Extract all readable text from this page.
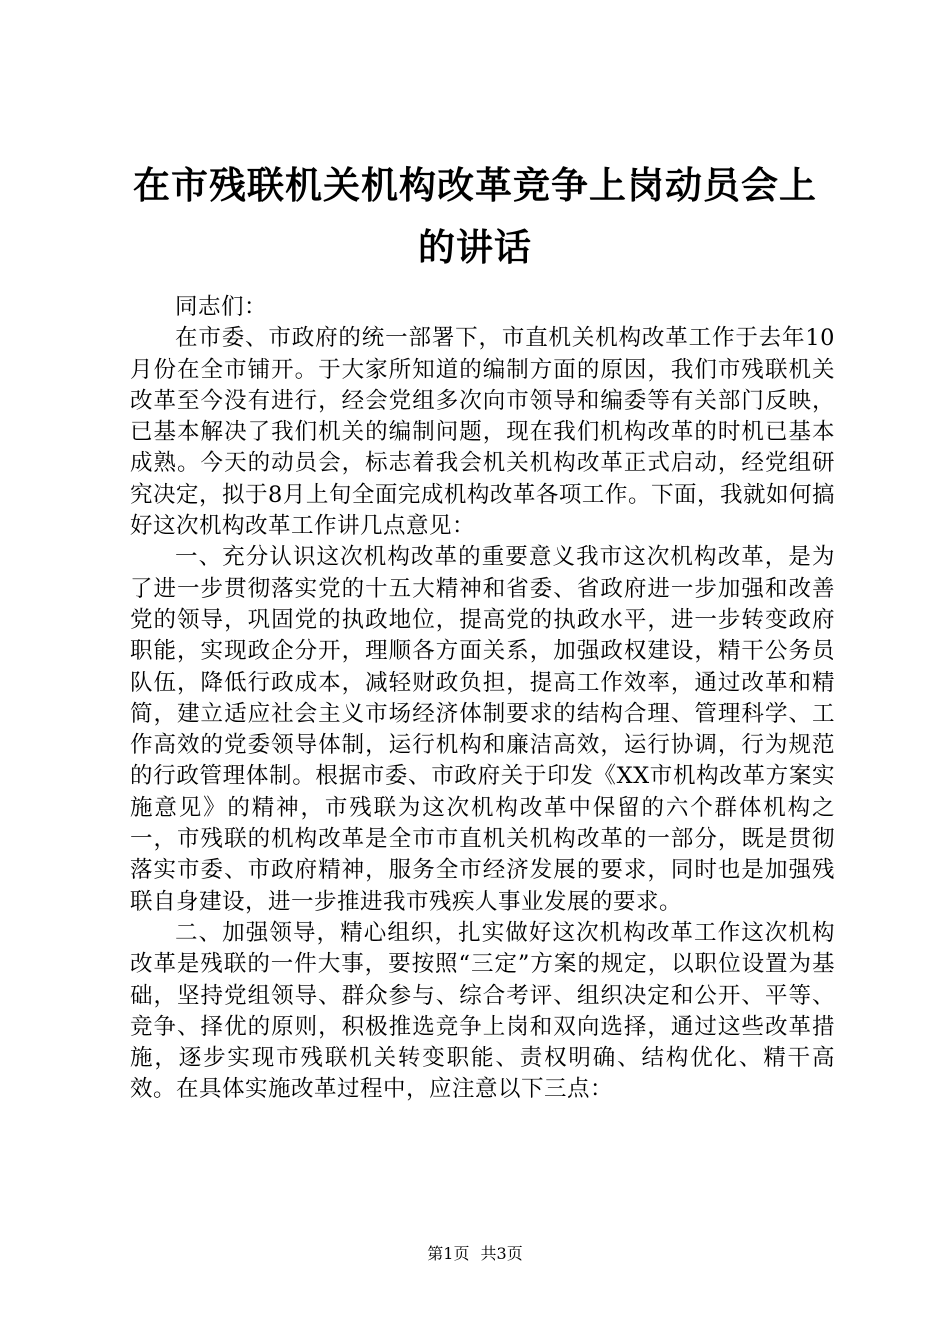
在市残联机关机构改革竞争上岗动员会上的讲话

同志们：

在市委、市政府的统一部署下，市直机关机构改革工作于去年10月份在全市铺开。于大家所知道的编制方面的原因，我们市残联机关改革至今没有进行，经会党组多次向市领导和编委等有关部门反映，已基本解决了我们机关的编制问题，现在我们机构改革的时机已基本成熟。今天的动员会，标志着我会机关机构改革正式启动，经党组研究决定，拟于8月上旬全面完成机构改革各项工作。下面，我就如何搞好这次机构改革工作讲几点意见：

一、充分认识这次机构改革的重要意义我市这次机构改革，是为了进一步贯彻落实党的十五大精神和省委、省政府进一步加强和改善党的领导，巩固党的执政地位，提高党的执政水平，进一步转变政府职能，实现政企分开，理顺各方面关系，加强政权建设，精干公务员队伍，降低行政成本，减轻财政负担，提高工作效率，通过改革和精简，建立适应社会主义市场经济体制要求的结构合理、管理科学、工作高效的党委领导体制，运行机构和廉洁高效，运行协调，行为规范的行政管理体制。根据市委、市政府关于印发《XX市机构改革方案实施意见》的精神，市残联为这次机构改革中保留的六个群体机构之一，市残联的机构改革是全市市直机关机构改革的一部分，既是贯彻落实市委、市政府精神，服务全市经济发展的要求，同时也是加强残联自身建设，进一步推进我市残疾人事业发展的要求。

二、加强领导，精心组织，扎实做好这次机构改革工作这次机构改革是残联的一件大事，要按照“三定”方案的规定，以职位设置为基础，坚持党组领导、群众参与、综合考评、组织决定和公开、平等、竞争、择优的原则，积极推选竞争上岗和双向选择，通过这些改革措施，逐步实现市残联机关转变职能、责权明确、结构优化、精干高效。在具体实施改革过程中，应注意以下三点：

第1页 共3页
